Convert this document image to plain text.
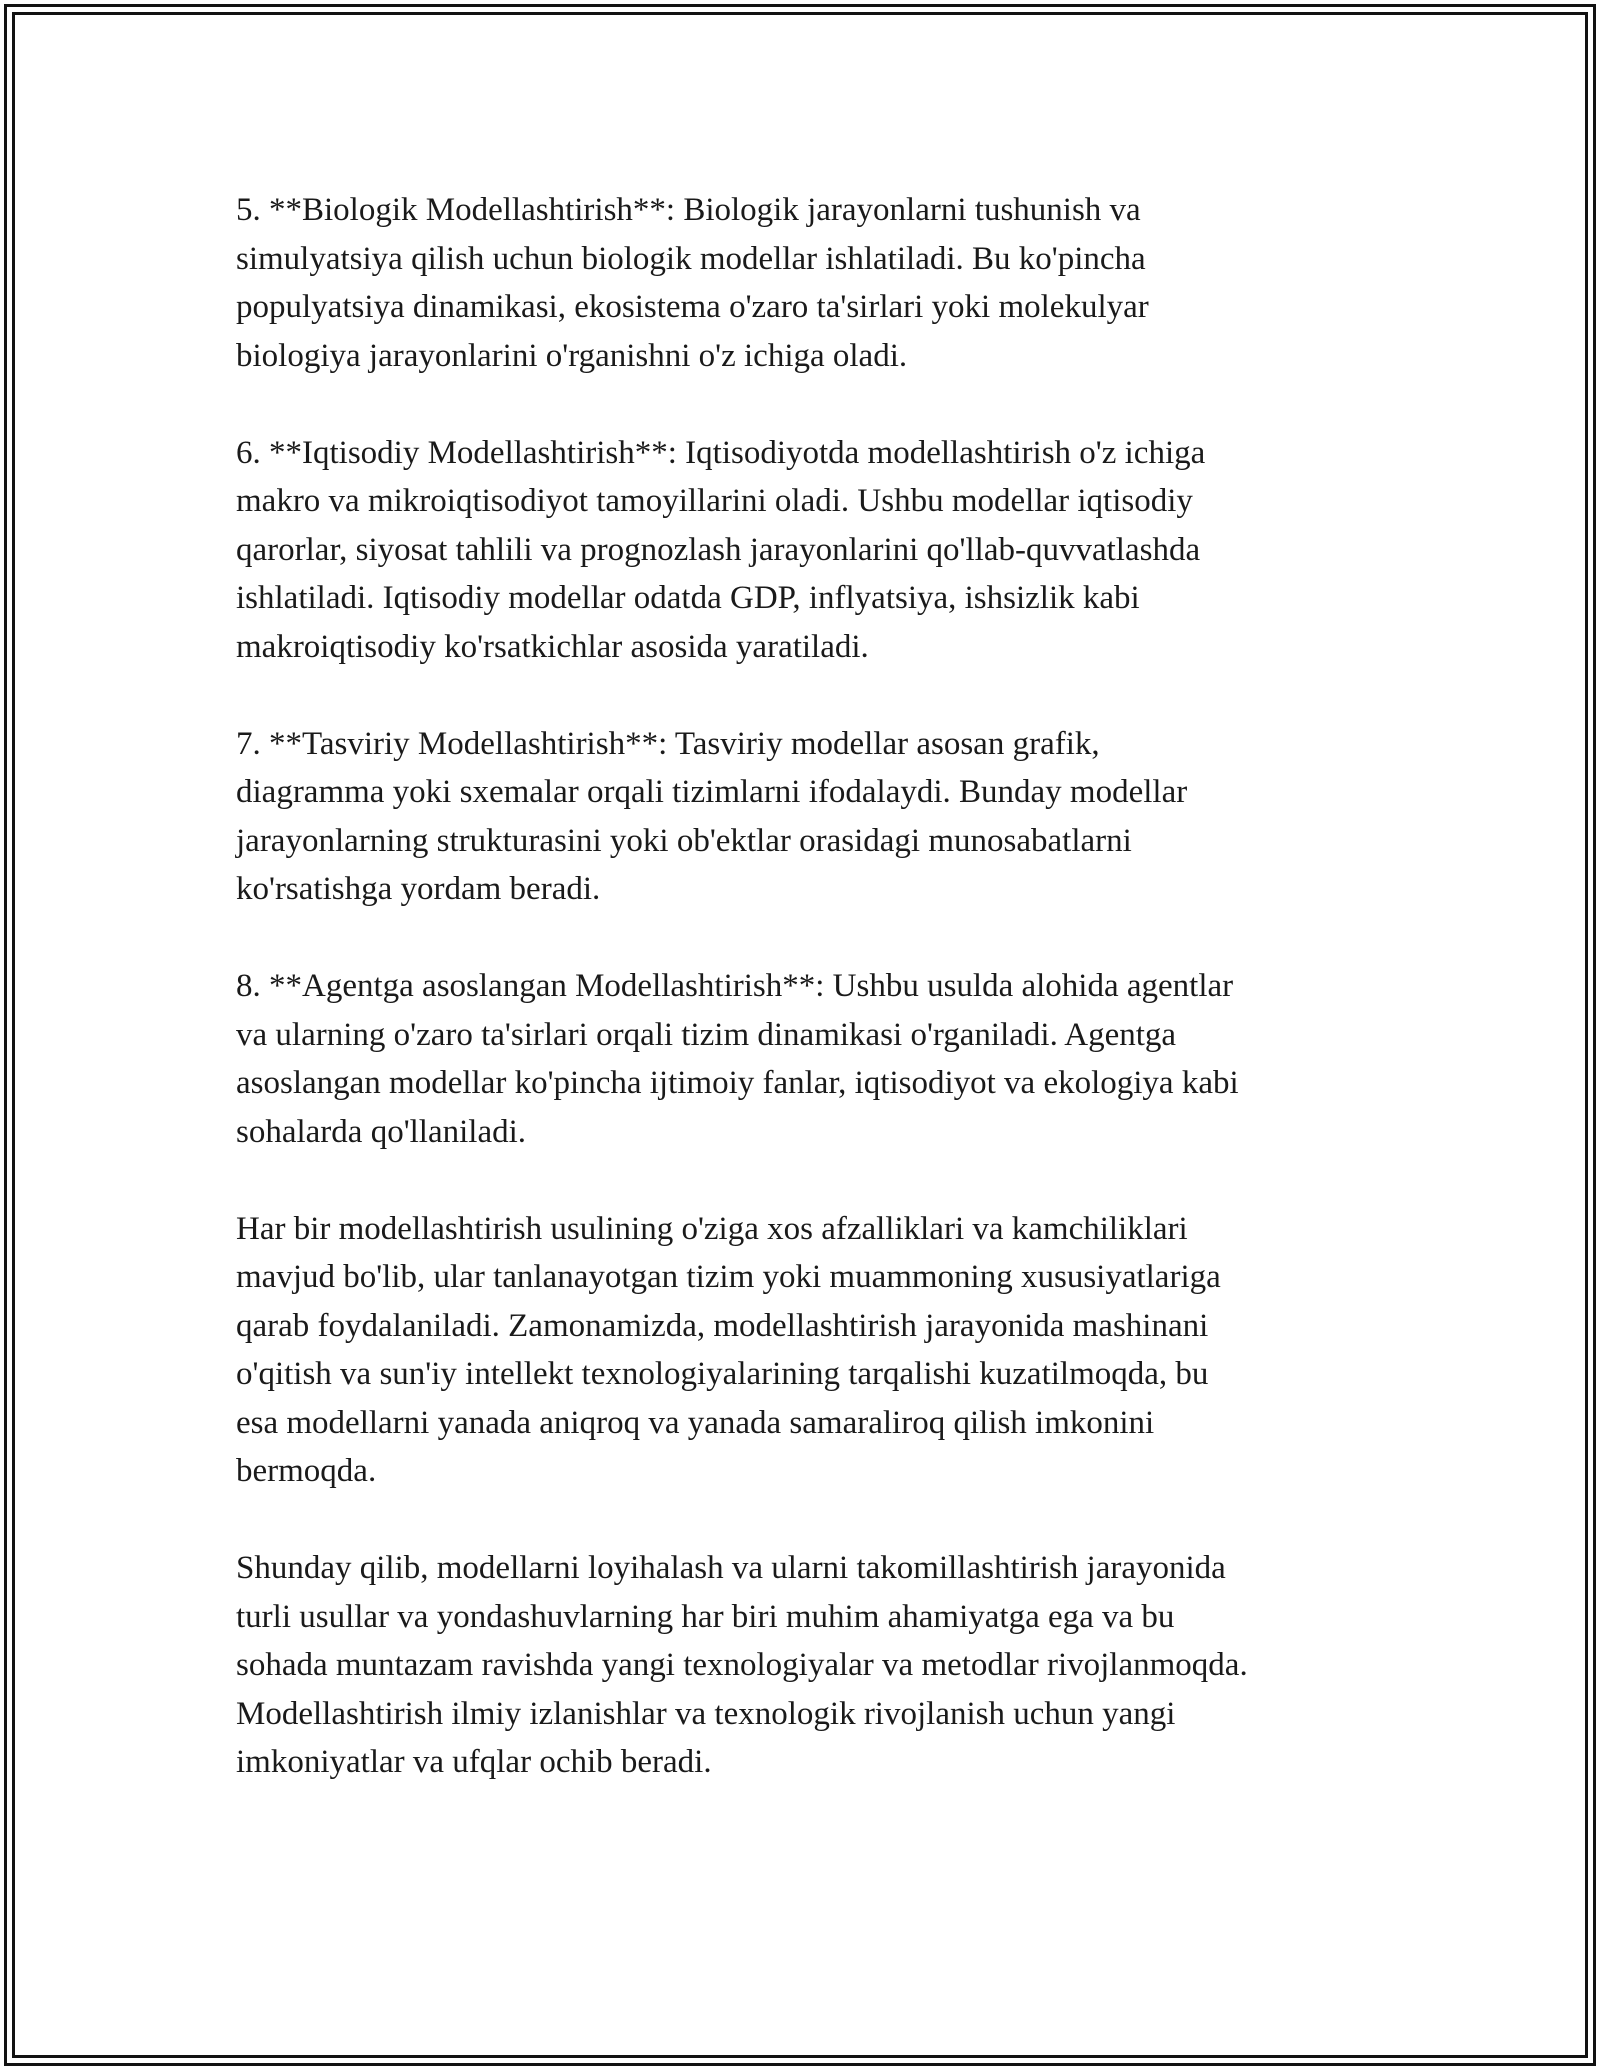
5. **Biologik Modellashtirish**: Biologik jarayonlarni tushunish va
simulyatsiya qilish uchun biologik modellar ishlatiladi. Bu ko'pincha
populyatsiya dinamikasi, ekosistema o'zaro ta'sirlari yoki molekulyar
biologiya jarayonlarini o'rganishni o'z ichiga oladi.

6. **Iqtisodiy Modellashtirish**: Iqtisodiyotda modellashtirish o'z ichiga
makro va mikroiqtisodiyot tamoyillarini oladi. Ushbu modellar iqtisodiy
qarorlar, siyosat tahlili va prognozlash jarayonlarini qo'llab-quvvatlashda
ishlatiladi. Iqtisodiy modellar odatda GDP, inflyatsiya, ishsizlik kabi
makroiqtisodiy ko'rsatkichlar asosida yaratiladi.

7. **Tasviriy Modellashtirish**: Tasviriy modellar asosan grafik,
diagramma yoki sxemalar orqali tizimlarni ifodalaydi. Bunday modellar
jarayonlarning strukturasini yoki ob'ektlar orasidagi munosabatlarni
ko'rsatishga yordam beradi.

8. **Agentga asoslangan Modellashtirish**: Ushbu usulda alohida agentlar
va ularning o'zaro ta'sirlari orqali tizim dinamikasi o'rganiladi. Agentga
asoslangan modellar ko'pincha ijtimoiy fanlar, iqtisodiyot va ekologiya kabi
sohalarda qo'llaniladi.

Har bir modellashtirish usulining o'ziga xos afzalliklari va kamchiliklari
mavjud bo'lib, ular tanlanayotgan tizim yoki muammoning xususiyatlariga
qarab foydalaniladi. Zamonamizda, modellashtirish jarayonida mashinani
o'qitish va sun'iy intellekt texnologiyalarining tarqalishi kuzatilmoqda, bu
esa modellarni yanada aniqroq va yanada samaraliroq qilish imkonini
bermoqda.

Shunday qilib, modellarni loyihalash va ularni takomillashtirish jarayonida
turli usullar va yondashuvlarning har biri muhim ahamiyatga ega va bu
sohada muntazam ravishda yangi texnologiyalar va metodlar rivojlanmoqda.
Modellashtirish ilmiy izlanishlar va texnologik rivojlanish uchun yangi
imkoniyatlar va ufqlar ochib beradi.
